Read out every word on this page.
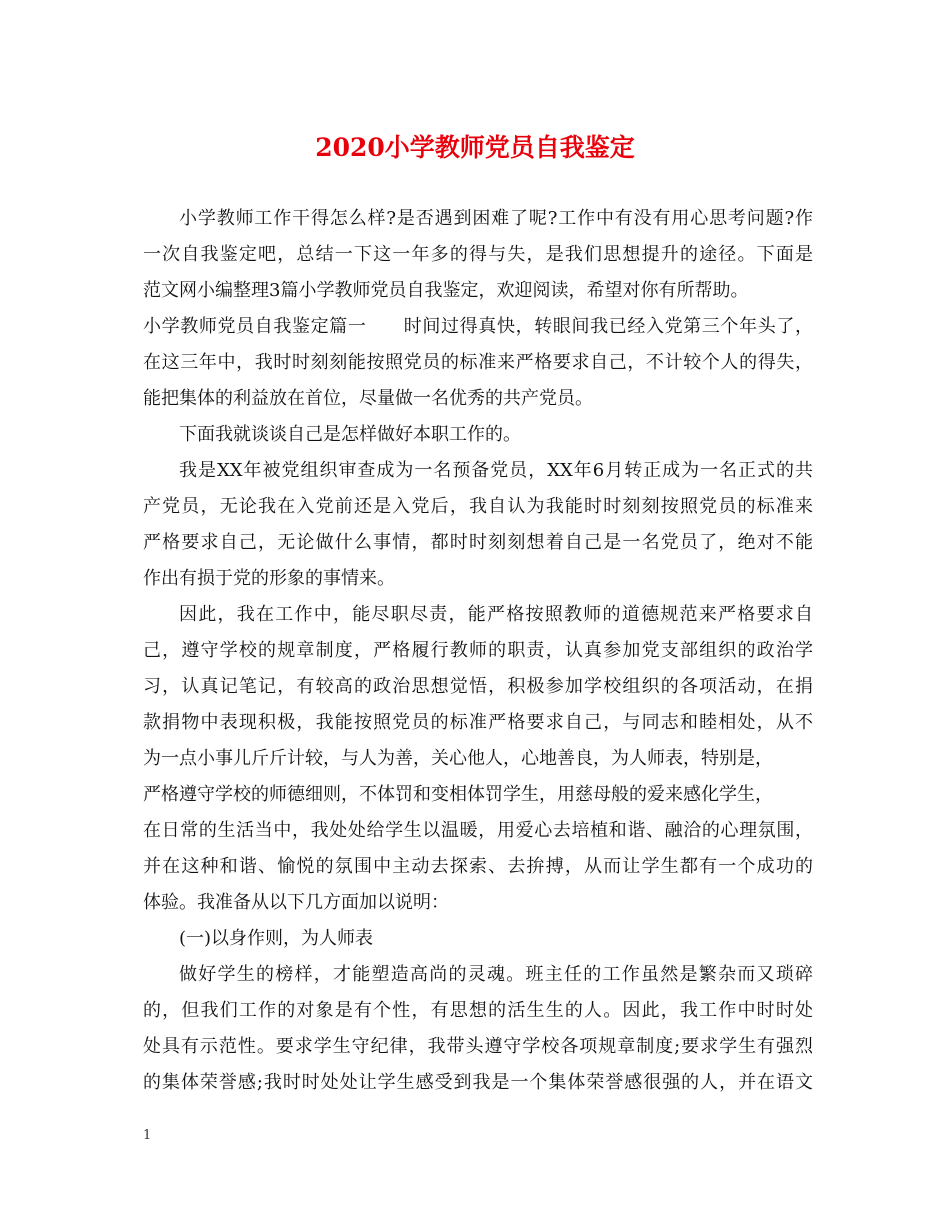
2020小学教师党员自我鉴定
小学教师工作干得怎么样?是否遇到困难了呢?工作中有没有用心思考问题?作
一次自我鉴定吧，总结一下这一年多的得与失，是我们思想提升的途径。下面是
范文网小编整理3篇小学教师党员自我鉴定，欢迎阅读，希望对你有所帮助。
小学教师党员自我鉴定篇一　　时间过得真快，转眼间我已经入党第三个年头了，
在这三年中，我时时刻刻能按照党员的标准来严格要求自己，不计较个人的得失，
能把集体的利益放在首位，尽量做一名优秀的共产党员。
下面我就谈谈自己是怎样做好本职工作的。
我是XX年被党组织审查成为一名预备党员，XX年6月转正成为一名正式的共
产党员，无论我在入党前还是入党后，我自认为我能时时刻刻按照党员的标准来
严格要求自己，无论做什么事情，都时时刻刻想着自己是一名党员了，绝对不能
作出有损于党的形象的事情来。
因此，我在工作中，能尽职尽责，能严格按照教师的道德规范来严格要求自
己，遵守学校的规章制度，严格履行教师的职责，认真参加党支部组织的政治学
习，认真记笔记，有较高的政治思想觉悟，积极参加学校组织的各项活动，在捐
款捐物中表现积极，我能按照党员的标准严格要求自己，与同志和睦相处，从不
为一点小事儿斤斤计较，与人为善，关心他人，心地善良，为人师表，特别是，
严格遵守学校的师德细则，不体罚和变相体罚学生，用慈母般的爱来感化学生，
在日常的生活当中，我处处给学生以温暖，用爱心去培植和谐、融洽的心理氛围，
并在这种和谐、愉悦的氛围中主动去探索、去拚搏，从而让学生都有一个成功的
体验。我准备从以下几方面加以说明：
(一)以身作则，为人师表
做好学生的榜样，才能塑造高尚的灵魂。班主任的工作虽然是繁杂而又琐碎
的，但我们工作的对象是有个性，有思想的活生生的人。因此，我工作中时时处
处具有示范性。要求学生守纪律，我带头遵守学校各项规章制度;要求学生有强烈
的集体荣誉感;我时时处处让学生感受到我是一个集体荣誉感很强的人，并在语文
1
